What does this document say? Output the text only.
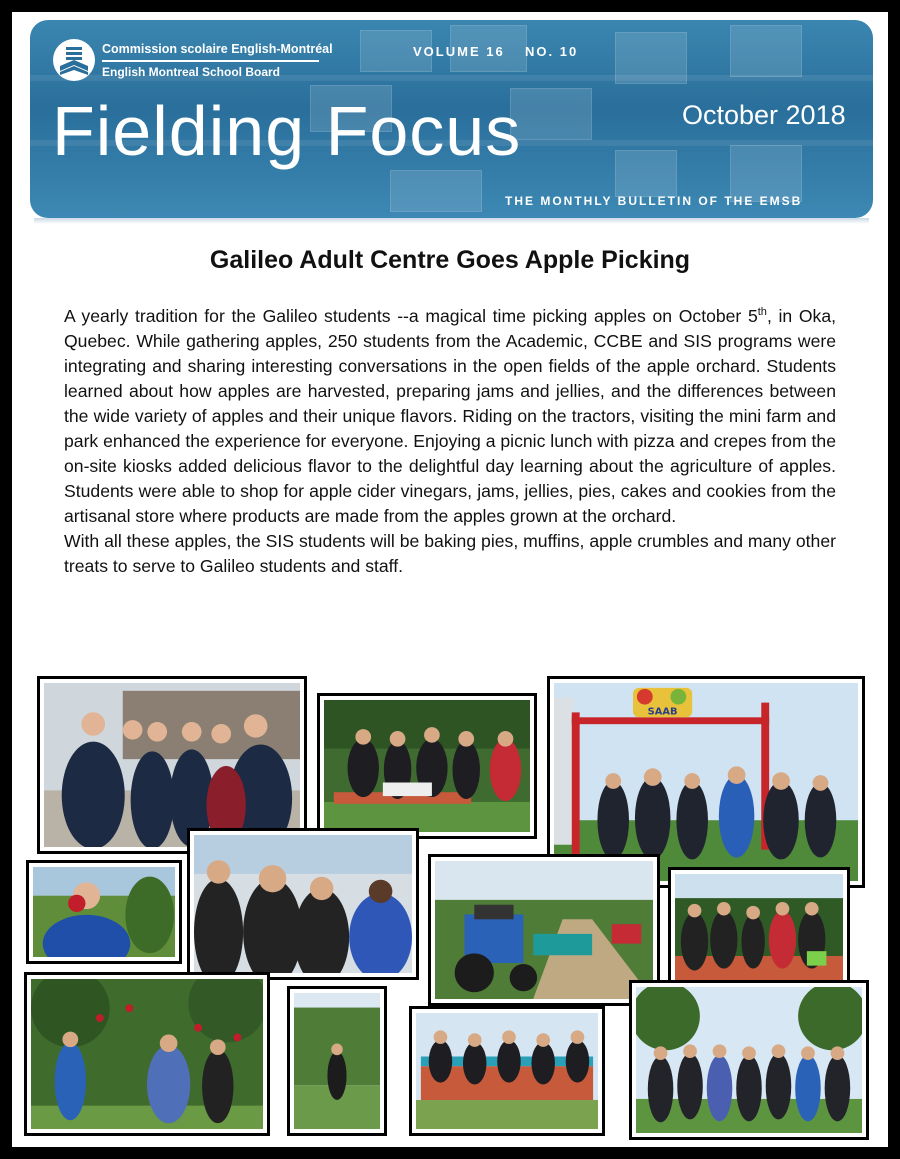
Commission scolaire English-Montréal
English Montreal School Board
VOLUME 16 NO. 10
Fielding Focus	October 2018
THE MONTHLY BULLETIN OF THE EMSB
Galileo Adult Centre Goes Apple Picking

A yearly tradition for the Galileo students --a magical time picking apples on October 5th, in Oka, Quebec. While gathering apples, 250 students from the Academic, CCBE and SIS programs were integrating and sharing interesting conversations in the open fields of the apple orchard. Students learned about how apples are harvested, preparing jams and jellies, and the differences between the wide variety of apples and their unique flavors. Riding on the tractors, visiting the mini farm and park enhanced the experience for everyone. Enjoying a picnic lunch with pizza and crepes from the on-site kiosks added delicious flavor to the delightful day learning about the agriculture of apples. Students were able to shop for apple cider vinegars, jams, jellies, pies, cakes and cookies from the artisanal store where products are made from the apples grown at the orchard.

With all these apples, the SIS students will be baking pies, muffins, apple crumbles and many other treats to serve to Galileo students and staff.

SAAB
